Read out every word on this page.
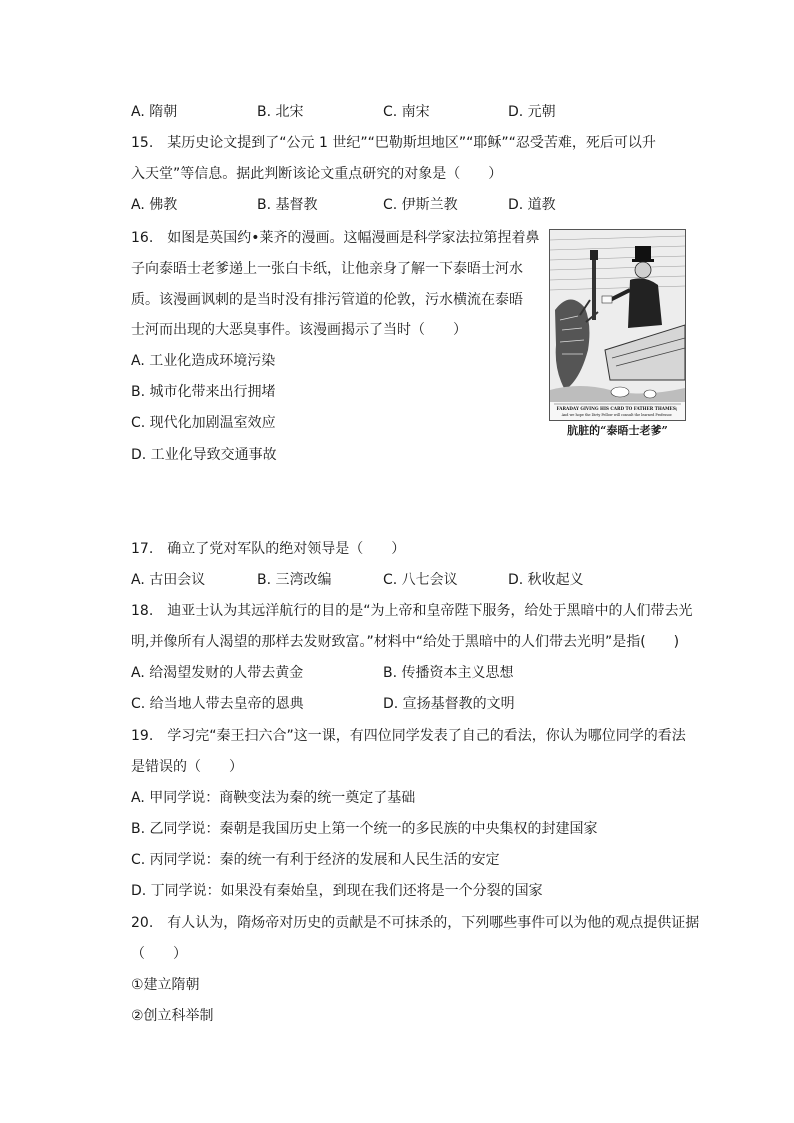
A. 隋朝	B. 北宋	C. 南宋	D. 元朝
15.　某历史论文提到了“公元 1 世纪”“巴勒斯坦地区”“耶稣”“忍受苦难，死后可以升
入天堂”等信息。据此判断该论文重点研究的对象是（　　）
A. 佛教	B. 基督教	C. 伊斯兰教	D. 道教
16.　如图是英国约•莱齐的漫画。这幅漫画是科学家法拉第捏着鼻
子向泰晤士老爹递上一张白卡纸，让他亲身了解一下泰晤士河水
质。该漫画讽刺的是当时没有排污管道的伦敦，污水横流在泰晤
士河而出现的大恶臭事件。该漫画揭示了当时（　　）
A. 工业化造成环境污染
B. 城市化带来出行拥堵
C. 现代化加剧温室效应
D. 工业化导致交通事故
FARADAY GIVING HIS CARD TO FATHER THAMES;
And we hope the Dirty Fellow will consult the learned Professor.
肮脏的“泰晤士老爹”
17.　确立了党对军队的绝对领导是（　　）
A. 古田会议	B. 三湾改编	C. 八七会议	D. 秋收起义
18.　迪亚士认为其远洋航行的目的是“为上帝和皇帝陛下服务，给处于黑暗中的人们带去光
明,并像所有人渴望的那样去发财致富。”材料中“给处于黑暗中的人们带去光明”是指(　　)
A. 给渴望发财的人带去黄金	B. 传播资本主义思想
C. 给当地人带去皇帝的恩典	D. 宣扬基督教的文明
19.　学习完“秦王扫六合”这一课，有四位同学发表了自己的看法，你认为哪位同学的看法
是错误的（　　）
A. 甲同学说：商鞅变法为秦的统一奠定了基础
B. 乙同学说：秦朝是我国历史上第一个统一的多民族的中央集权的封建国家
C. 丙同学说：秦的统一有利于经济的发展和人民生活的安定
D. 丁同学说：如果没有秦始皇，到现在我们还将是一个分裂的国家
20.　有人认为，隋炀帝对历史的贡献是不可抹杀的，下列哪些事件可以为他的观点提供证据
（　　）
①建立隋朝
②创立科举制
